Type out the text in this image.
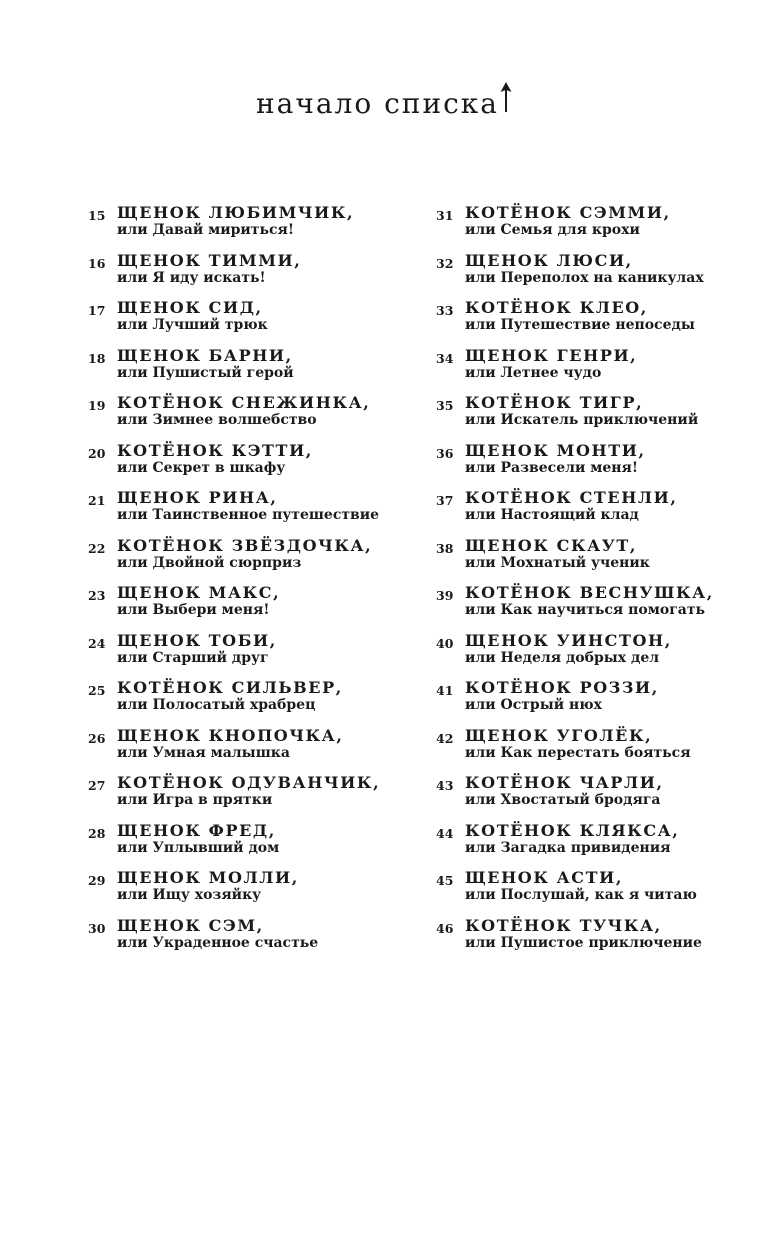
начало списка
15 ЩЕНОК ЛЮБИМЧИК,
или Давай мириться!
16 ЩЕНОК ТИММИ,
или Я иду искать!
17 ЩЕНОК СИД,
или Лучший трюк
18 ЩЕНОК БАРНИ,
или Пушистый герой
19 КОТЁНОК СНЕЖИНКА,
или Зимнее волшебство
20 КОТЁНОК КЭТТИ,
или Секрет в шкафу
21 ЩЕНОК РИНА,
или Таинственное путешествие
22 КОТЁНОК ЗВЁЗДОЧКА,
или Двойной сюрприз
23 ЩЕНОК МАКС,
или Выбери меня!
24 ЩЕНОК ТОБИ,
или Старший друг
25 КОТЁНОК СИЛЬВЕР,
или Полосатый храбрец
26 ЩЕНОК КНОПОЧКА,
или Умная малышка
27 КОТЁНОК ОДУВАНЧИК,
или Игра в прятки
28 ЩЕНОК ФРЕД,
или Уплывший дом
29 ЩЕНОК МОЛЛИ,
или Ищу хозяйку
30 ЩЕНОК СЭМ,
или Украденное счастье
31 КОТЁНОК СЭММИ,
или Семья для крохи
32 ЩЕНОК ЛЮСИ,
или Переполох на каникулах
33 КОТЁНОК КЛЕО,
или Путешествие непоседы
34 ЩЕНОК ГЕНРИ,
или Летнее чудо
35 КОТЁНОК ТИГР,
или Искатель приключений
36 ЩЕНОК МОНТИ,
или Развесели меня!
37 КОТЁНОК СТЕНЛИ,
или Настоящий клад
38 ЩЕНОК СКАУТ,
или Мохнатый ученик
39 КОТЁНОК ВЕСНУШКА,
или Как научиться помогать
40 ЩЕНОК УИНСТОН,
или Неделя добрых дел
41 КОТЁНОК РОЗЗИ,
или Острый нюх
42 ЩЕНОК УГОЛЁК,
или Как перестать бояться
43 КОТЁНОК ЧАРЛИ,
или Хвостатый бродяга
44 КОТЁНОК КЛЯКСА,
или Загадка привидения
45 ЩЕНОК АСТИ,
или Послушай, как я читаю
46 КОТЁНОК ТУЧКА,
или Пушистое приключение
